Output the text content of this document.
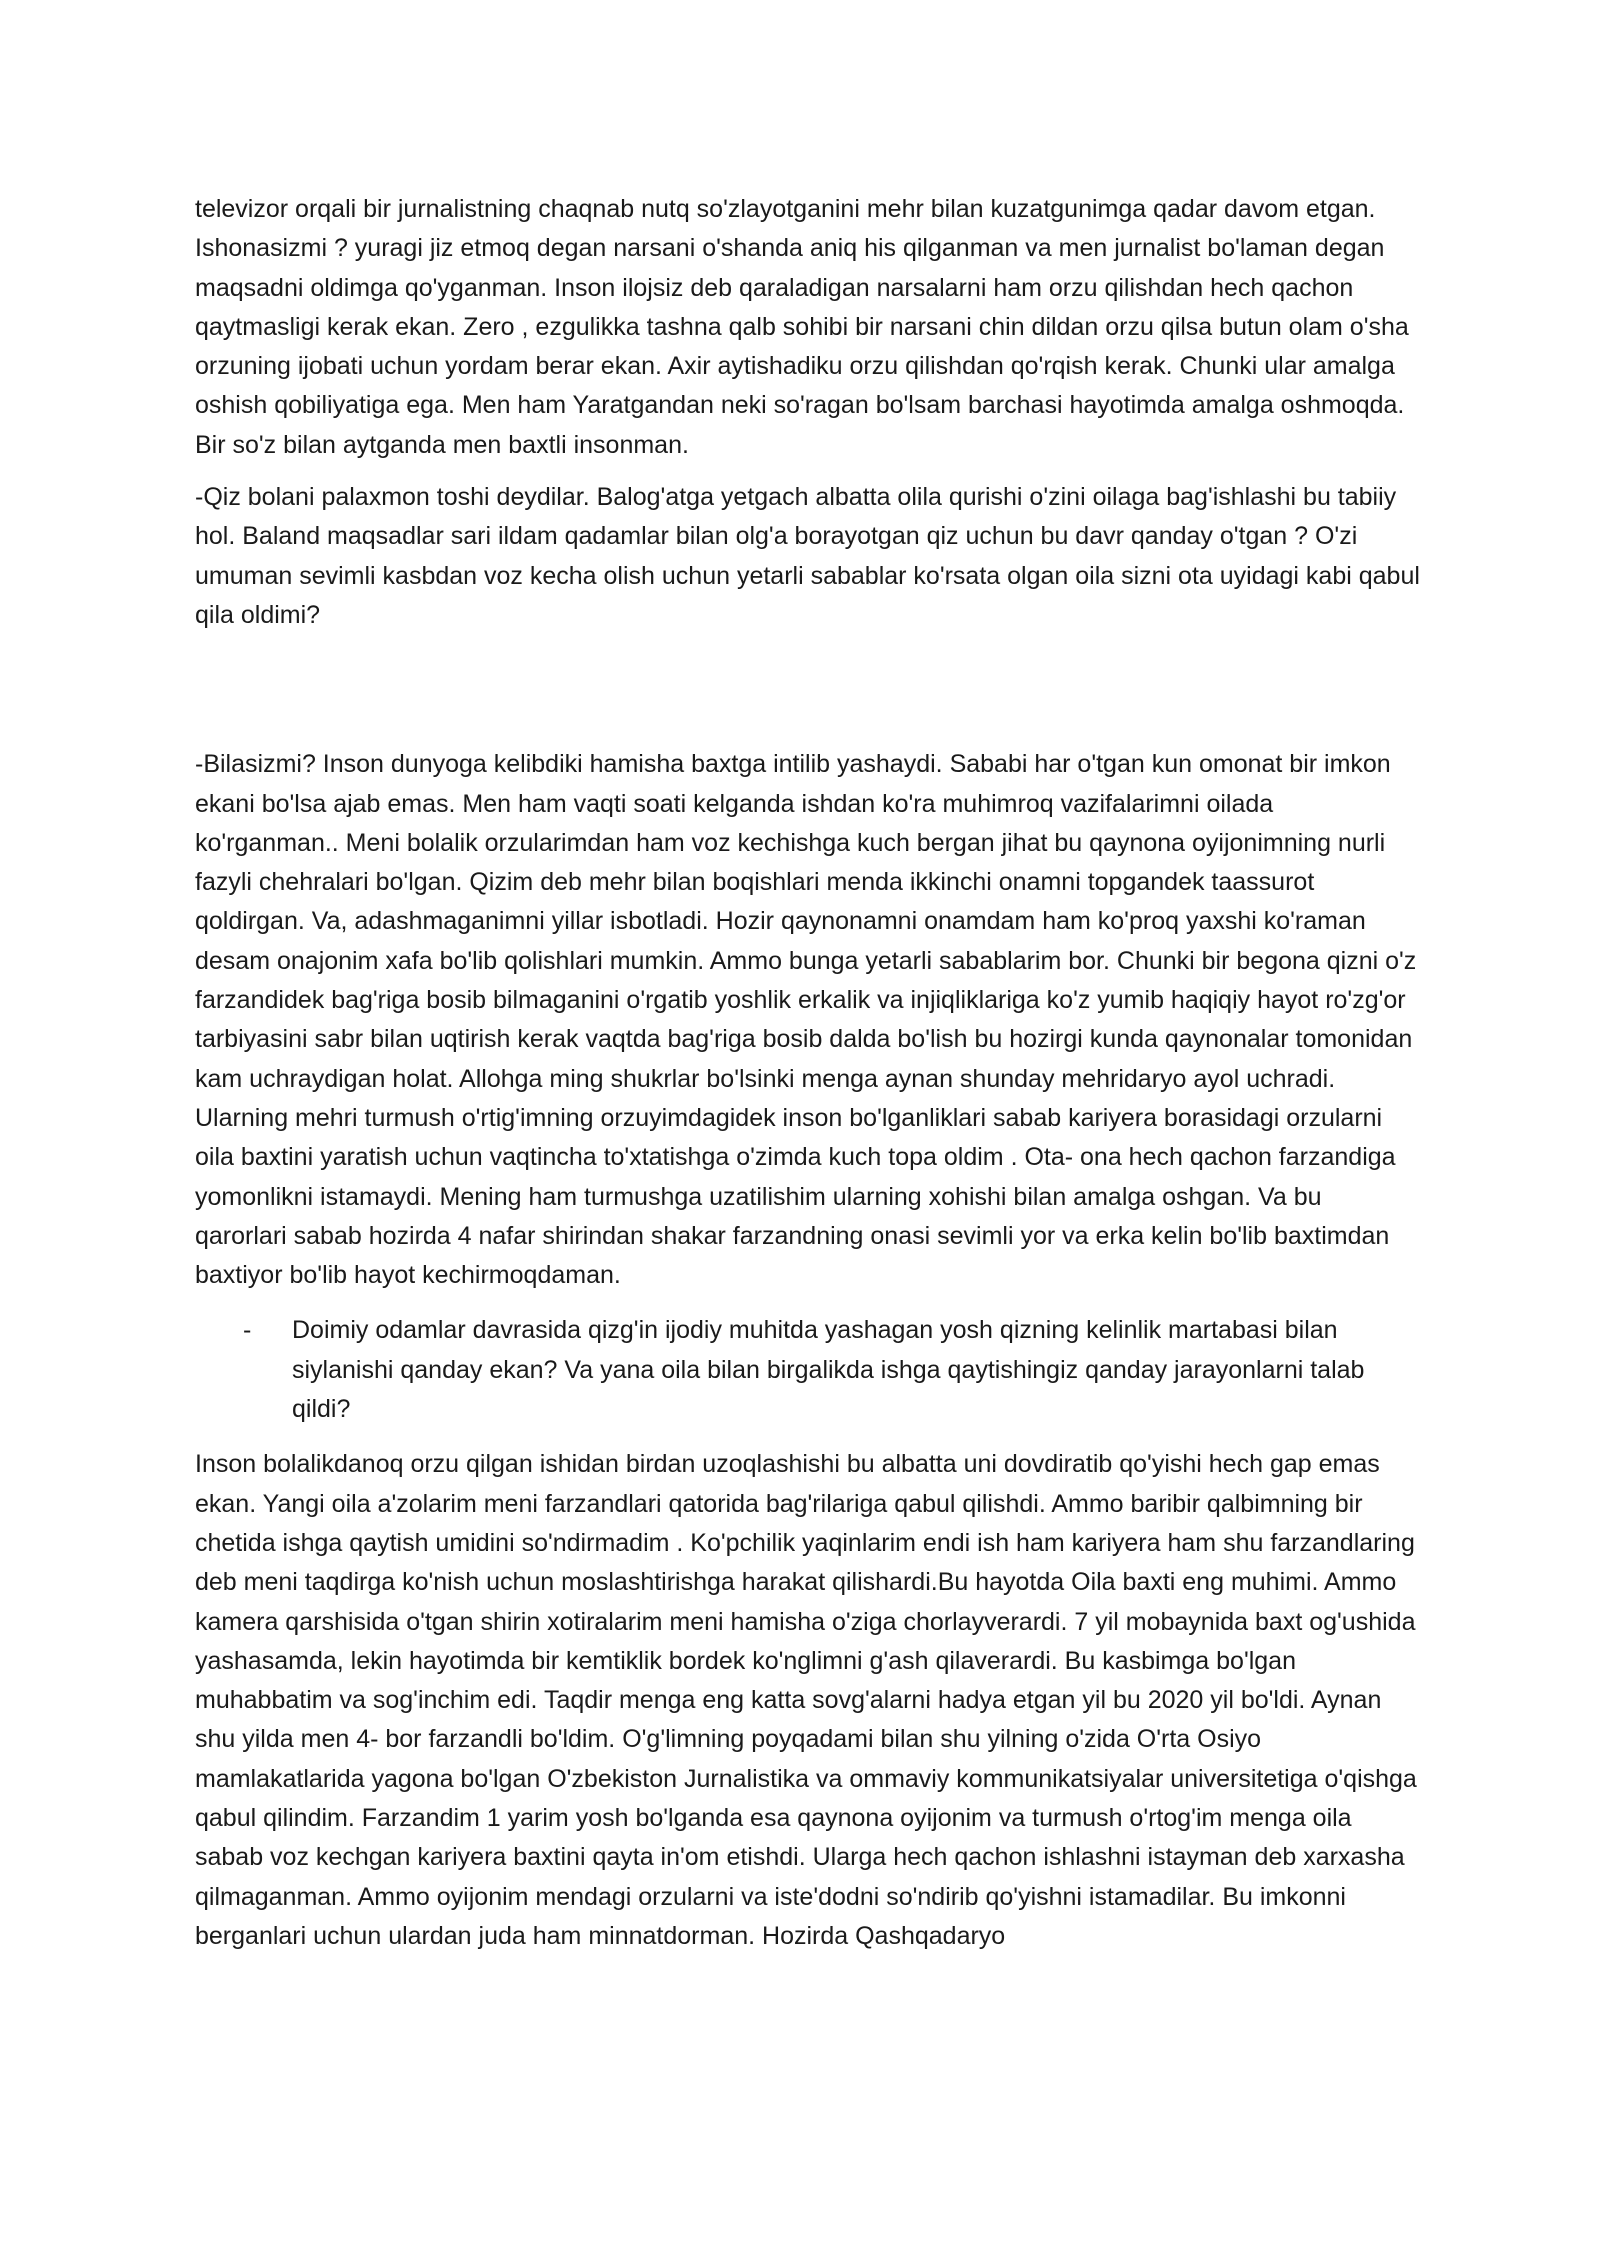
televizor orqali bir jurnalistning chaqnab nutq so'zlayotganini mehr bilan kuzatgunimga qadar davom etgan. Ishonasizmi ? yuragi jiz etmoq degan narsani o'shanda aniq his qilganman va men jurnalist bo'laman degan maqsadni oldimga qo'yganman. Inson ilojsiz deb qaraladigan narsalarni ham orzu qilishdan hech qachon qaytmasligi kerak ekan. Zero , ezgulikka tashna qalb sohibi bir narsani chin dildan orzu qilsa butun olam o'sha orzuning ijobati uchun yordam berar ekan. Axir aytishadiku orzu qilishdan qo'rqish kerak. Chunki ular amalga oshish qobiliyatiga ega. Men ham Yaratgandan neki so'ragan bo'lsam barchasi hayotimda amalga oshmoqda. Bir so'z bilan aytganda men baxtli insonman.

-Qiz bolani palaxmon toshi deydilar. Balog'atga yetgach albatta olila qurishi o'zini oilaga bag'ishlashi bu tabiiy hol. Baland maqsadlar sari ildam qadamlar bilan olg'a borayotgan qiz uchun bu davr qanday o'tgan ? O'zi umuman sevimli kasbdan voz kecha olish uchun yetarli sabablar ko'rsata olgan oila sizni ota uyidagi kabi qabul qila oldimi?

-Bilasizmi? Inson dunyoga kelibdiki hamisha baxtga intilib yashaydi. Sababi har o'tgan kun omonat bir imkon ekani bo'lsa ajab emas. Men ham vaqti soati kelganda ishdan ko'ra muhimroq vazifalarimni oilada ko'rganman.. Meni bolalik orzularimdan ham voz kechishga kuch bergan jihat bu qaynona oyijonimning nurli fazyli chehralari bo'lgan. Qizim deb mehr bilan boqishlari menda ikkinchi onamni topgandek taassurot qoldirgan. Va, adashmaganimni yillar isbotladi. Hozir qaynonamni onamdam ham ko'proq yaxshi ko'raman desam onajonim xafa bo'lib qolishlari mumkin. Ammo bunga yetarli sabablarim bor. Chunki bir begona qizni o'z farzandidek bag'riga bosib bilmaganini o'rgatib yoshlik erkalik va injiqliklariga ko'z yumib haqiqiy hayot ro'zg'or tarbiyasini sabr bilan uqtirish kerak vaqtda bag'riga bosib dalda bo'lish bu hozirgi kunda qaynonalar tomonidan kam uchraydigan holat. Allohga ming shukrlar bo'lsinki menga aynan shunday mehridaryo ayol uchradi. Ularning mehri turmush o'rtig'imning orzuyimdagidek inson bo'lganliklari sabab kariyera borasidagi orzularni oila baxtini yaratish uchun vaqtincha to'xtatishga o'zimda kuch topa oldim . Ota- ona hech qachon farzandiga yomonlikni istamaydi. Mening ham turmushga uzatilishim ularning xohishi bilan amalga oshgan. Va bu qarorlari sabab hozirda 4 nafar shirindan shakar farzandning onasi sevimli yor va erka kelin bo'lib baxtimdan baxtiyor bo'lib hayot kechirmoqdaman.

- Doimiy odamlar davrasida qizg'in ijodiy muhitda yashagan yosh qizning kelinlik martabasi bilan siylanishi qanday ekan? Va yana oila bilan birgalikda ishga qaytishingiz qanday jarayonlarni talab qildi?

Inson bolalikdanoq orzu qilgan ishidan birdan uzoqlashishi bu albatta uni dovdiratib qo'yishi hech gap emas ekan. Yangi oila a'zolarim meni farzandlari qatorida bag'rilariga qabul qilishdi. Ammo baribir qalbimning bir chetida ishga qaytish umidini so'ndirmadim . Ko'pchilik yaqinlarim endi ish ham kariyera ham shu farzandlaring deb meni taqdirga ko'nish uchun moslashtirishga harakat qilishardi.Bu hayotda Oila baxti eng muhimi. Ammo kamera qarshisida o'tgan shirin xotiralarim meni hamisha o'ziga chorlayverardi. 7 yil mobaynida baxt og'ushida yashasamda, lekin hayotimda bir kemtiklik bordek ko'nglimni g'ash qilaverardi. Bu kasbimga bo'lgan muhabbatim va sog'inchim edi. Taqdir menga eng katta sovg'alarni hadya etgan yil bu 2020 yil bo'ldi. Aynan shu yilda men 4- bor farzandli bo'ldim. O'g'limning poyqadami bilan shu yilning o'zida O'rta Osiyo mamlakatlarida yagona bo'lgan O'zbekiston Jurnalistika va ommaviy kommunikatsiyalar universitetiga o'qishga qabul qilindim. Farzandim 1 yarim yosh bo'lganda esa qaynona oyijonim va turmush o'rtog'im menga oila sabab voz kechgan kariyera baxtini qayta in'om etishdi. Ularga hech qachon ishlashni istayman deb xarxasha qilmaganman. Ammo oyijonim mendagi orzularni va iste'dodni so'ndirib qo'yishni istamadilar. Bu imkonni berganlari uchun ulardan juda ham minnatdorman. Hozirda Qashqadaryo
